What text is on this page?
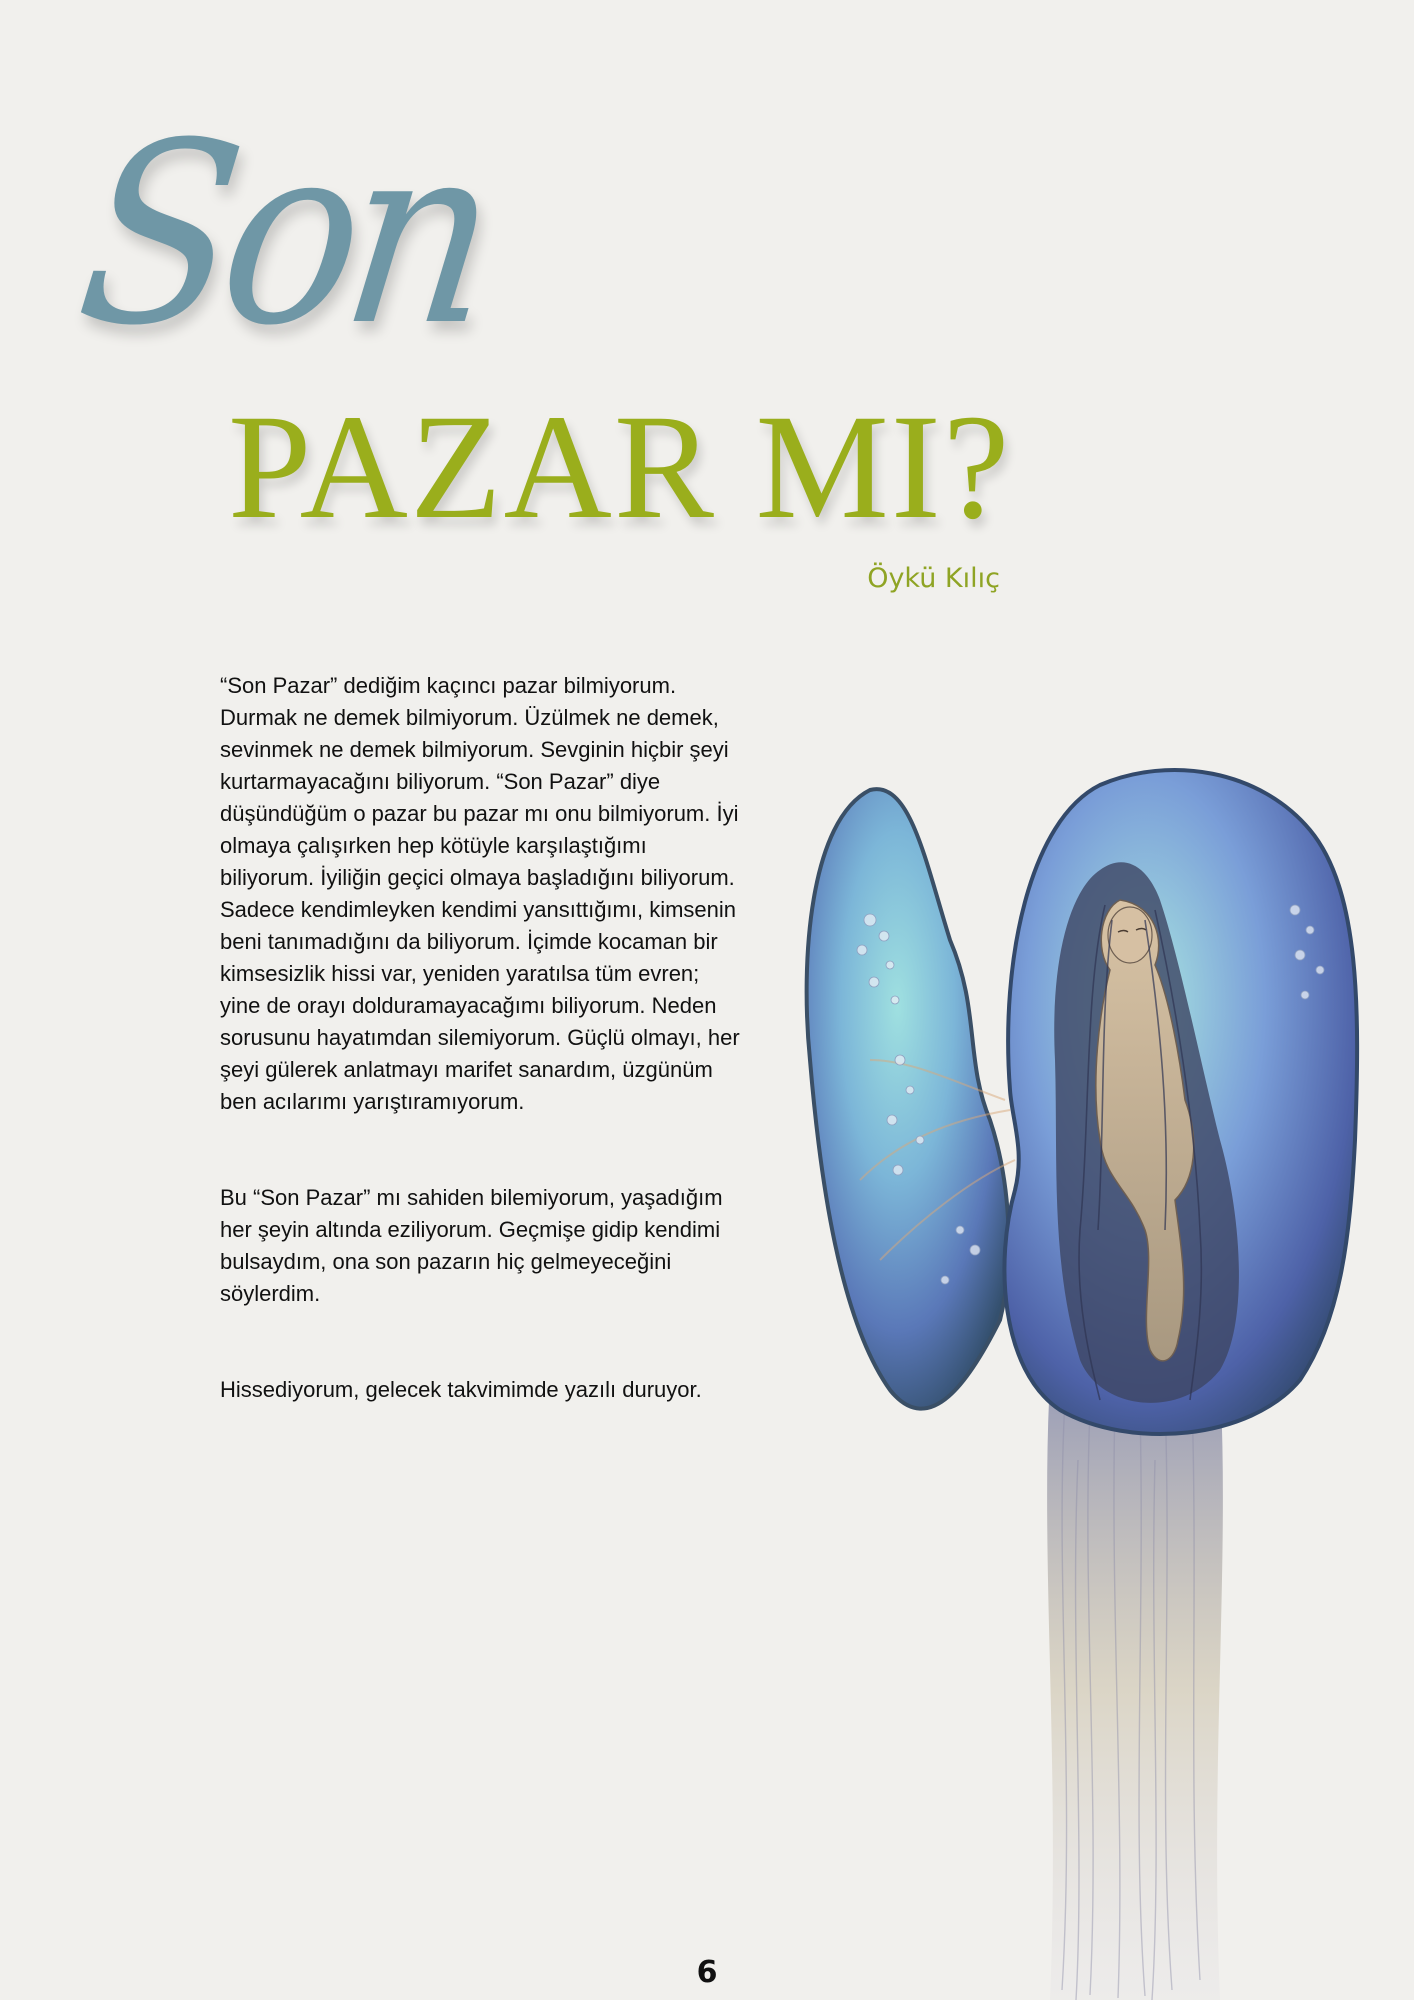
Son
PAZAR MI?
Öykü Kılıç

“Son Pazar” dediğim kaçıncı pazar bilmiyorum. Durmak ne demek bilmiyorum. Üzülmek ne demek, sevinmek ne demek bilmiyorum. Sevginin hiçbir şeyi kurtarmayacağını biliyorum. “Son Pazar” diye düşündüğüm o pazar bu pazar mı onu bilmiyorum. İyi olmaya çalışırken hep kötüyle karşılaştığımı biliyorum. İyiliğin geçici olmaya başladığını biliyorum. Sadece kendimleyken kendimi yansıttığımı, kimsenin beni tanımadığını da biliyorum. İçimde kocaman bir kimsesizlik hissi var, yeniden yaratılsa tüm evren; yine de orayı dolduramayacağımı biliyorum. Neden sorusunu hayatımdan silemiyorum. Güçlü olmayı, her şeyi gülerek anlatmayı marifet sanardım, üzgünüm ben acılarımı yarıştıramıyorum.

Bu “Son Pazar” mı sahiden bilemiyorum, yaşadığım her şeyin altında eziliyorum. Geçmişe gidip kendimi bulsaydım, ona son pazarın hiç gelmeyeceğini söylerdim.

Hissediyorum, gelecek takvimimde yazılı duruyor.

6
